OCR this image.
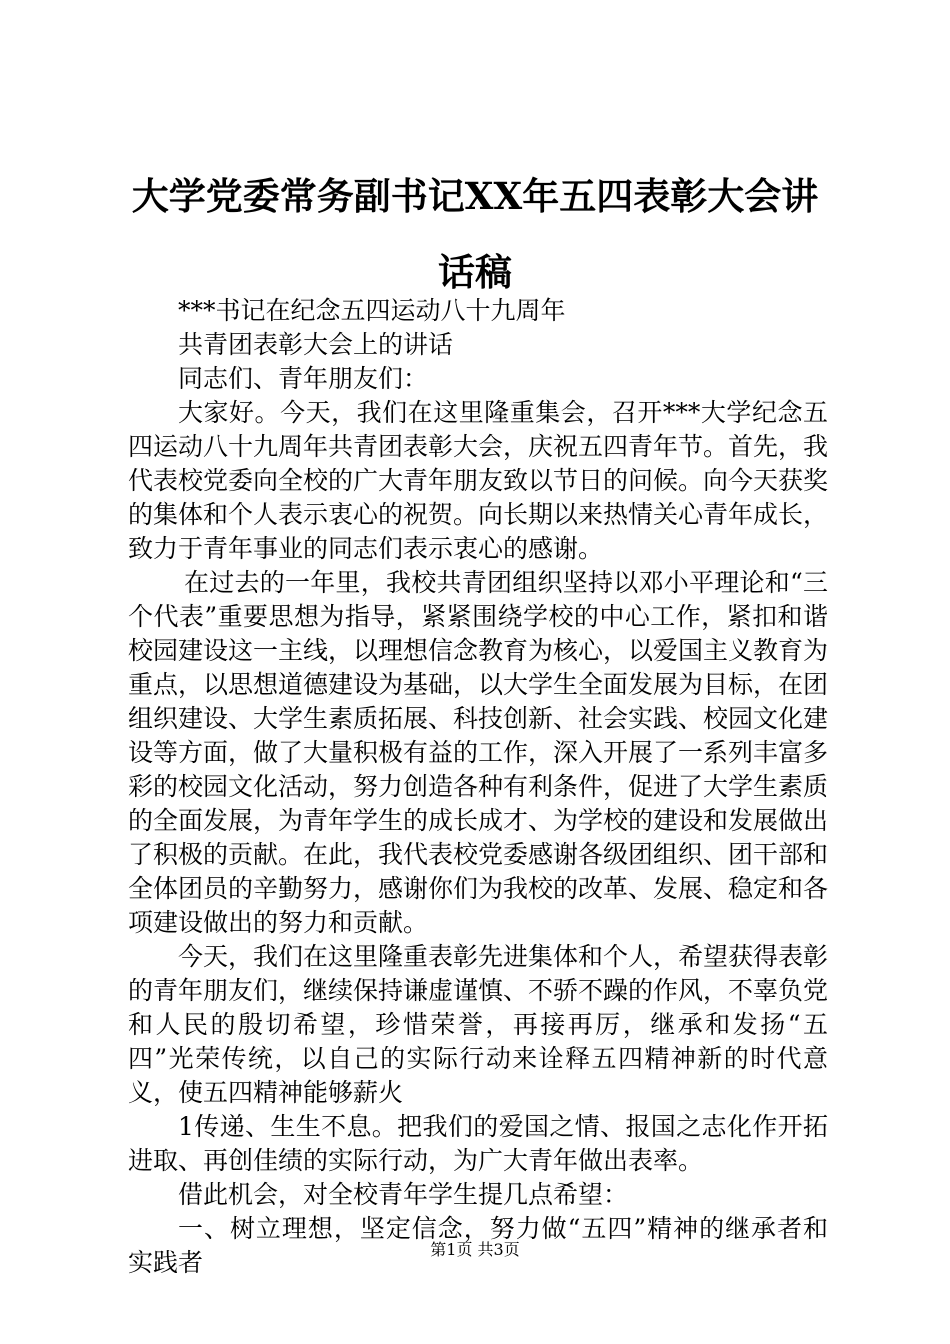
大学党委常务副书记XX年五四表彰大会讲话稿

***书记在纪念五四运动八十九周年

共青团表彰大会上的讲话

同志们、青年朋友们：

大家好。今天，我们在这里隆重集会，召开***大学纪念五四运动八十九周年共青团表彰大会，庆祝五四青年节。首先，我代表校党委向全校的广大青年朋友致以节日的问候。向今天获奖的集体和个人表示衷心的祝贺。向长期以来热情关心青年成长，致力于青年事业的同志们表示衷心的感谢。

在过去的一年里，我校共青团组织坚持以邓小平理论和“三个代表”重要思想为指导，紧紧围绕学校的中心工作，紧扣和谐校园建设这一主线，以理想信念教育为核心，以爱国主义教育为重点，以思想道德建设为基础，以大学生全面发展为目标，在团组织建设、大学生素质拓展、科技创新、社会实践、校园文化建设等方面，做了大量积极有益的工作，深入开展了一系列丰富多彩的校园文化活动，努力创造各种有利条件，促进了大学生素质的全面发展，为青年学生的成长成才、为学校的建设和发展做出了积极的贡献。在此，我代表校党委感谢各级团组织、团干部和全体团员的辛勤努力，感谢你们为我校的改革、发展、稳定和各项建设做出的努力和贡献。

今天，我们在这里隆重表彰先进集体和个人，希望获得表彰的青年朋友们，继续保持谦虚谨慎、不骄不躁的作风，不辜负党和人民的殷切希望，珍惜荣誉，再接再厉，继承和发扬“五四”光荣传统，以自己的实际行动来诠释五四精神新的时代意义，使五四精神能够薪火

1传递、生生不息。把我们的爱国之情、报国之志化作开拓进取、再创佳绩的实际行动，为广大青年做出表率。

借此机会，对全校青年学生提几点希望：

一、树立理想，坚定信念，努力做“五四”精神的继承者和实践者	第1页 共3页
